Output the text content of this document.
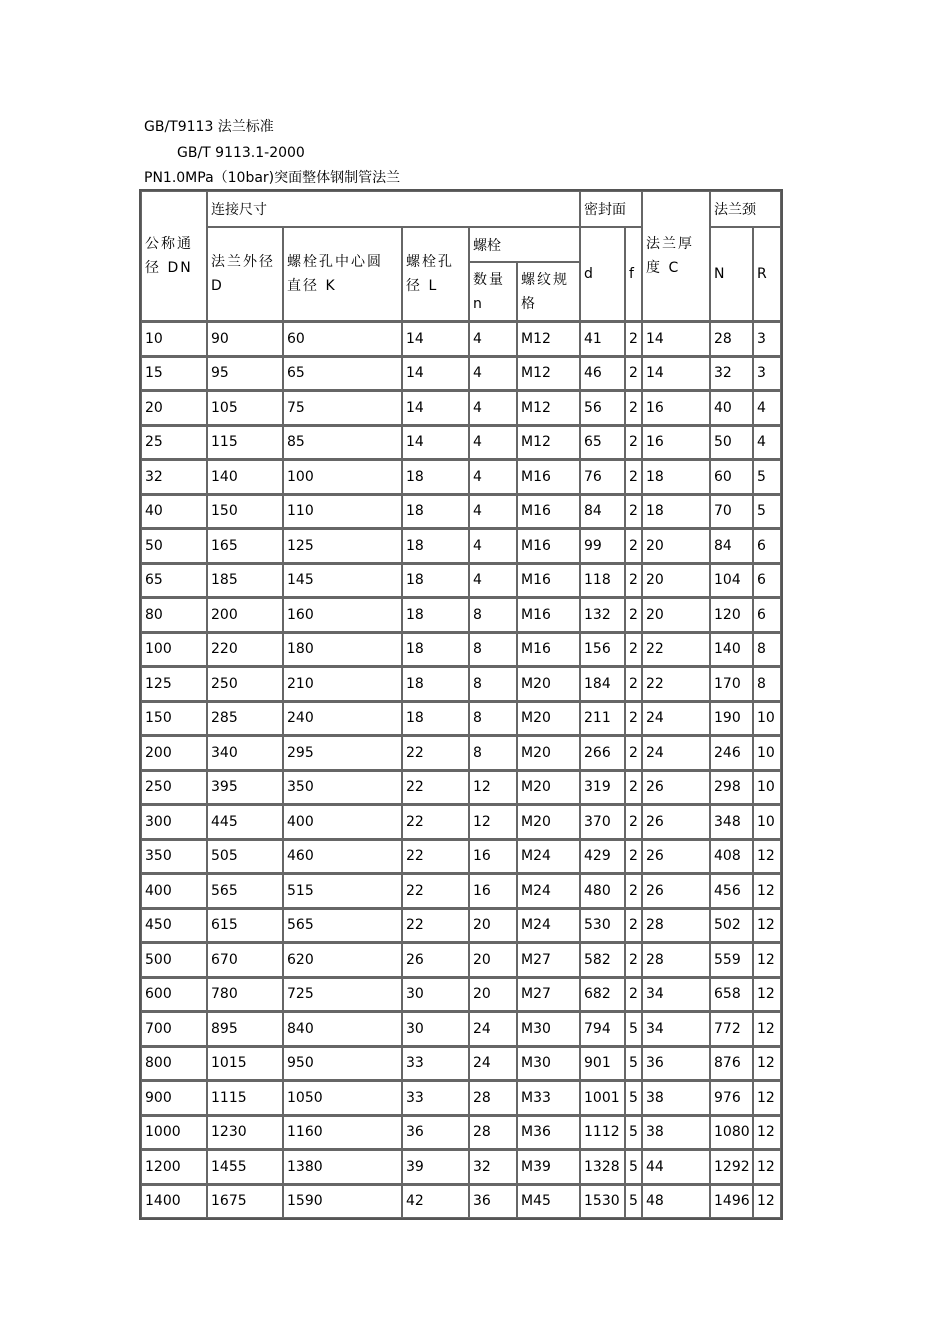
GB/T9113 法兰标准
GB/T 9113.1-2000
PN1.0MPa（10bar)突面整体钢制管法兰
公称通径 DN	连接尺寸					密封面		法兰厚度 C	法兰颈	
	法兰外径 D	螺栓孔中心圆直径 K	螺栓孔径 L	螺栓		d	f		N	R
				数量 n	螺纹规格					
10	90	60	14	4	M12	41	2	14	28	3
15	95	65	14	4	M12	46	2	14	32	3
20	105	75	14	4	M12	56	2	16	40	4
25	115	85	14	4	M12	65	2	16	50	4
32	140	100	18	4	M16	76	2	18	60	5
40	150	110	18	4	M16	84	2	18	70	5
50	165	125	18	4	M16	99	2	20	84	6
65	185	145	18	4	M16	118	2	20	104	6
80	200	160	18	8	M16	132	2	20	120	6
100	220	180	18	8	M16	156	2	22	140	8
125	250	210	18	8	M20	184	2	22	170	8
150	285	240	18	8	M20	211	2	24	190	10
200	340	295	22	8	M20	266	2	24	246	10
250	395	350	22	12	M20	319	2	26	298	10
300	445	400	22	12	M20	370	2	26	348	10
350	505	460	22	16	M24	429	2	26	408	12
400	565	515	22	16	M24	480	2	26	456	12
450	615	565	22	20	M24	530	2	28	502	12
500	670	620	26	20	M27	582	2	28	559	12
600	780	725	30	20	M27	682	2	34	658	12
700	895	840	30	24	M30	794	5	34	772	12
800	1015	950	33	24	M30	901	5	36	876	12
900	1115	1050	33	28	M33	1001	5	38	976	12
1000	1230	1160	36	28	M36	1112	5	38	1080	12
1200	1455	1380	39	32	M39	1328	5	44	1292	12
1400	1675	1590	42	36	M45	1530	5	48	1496	12
